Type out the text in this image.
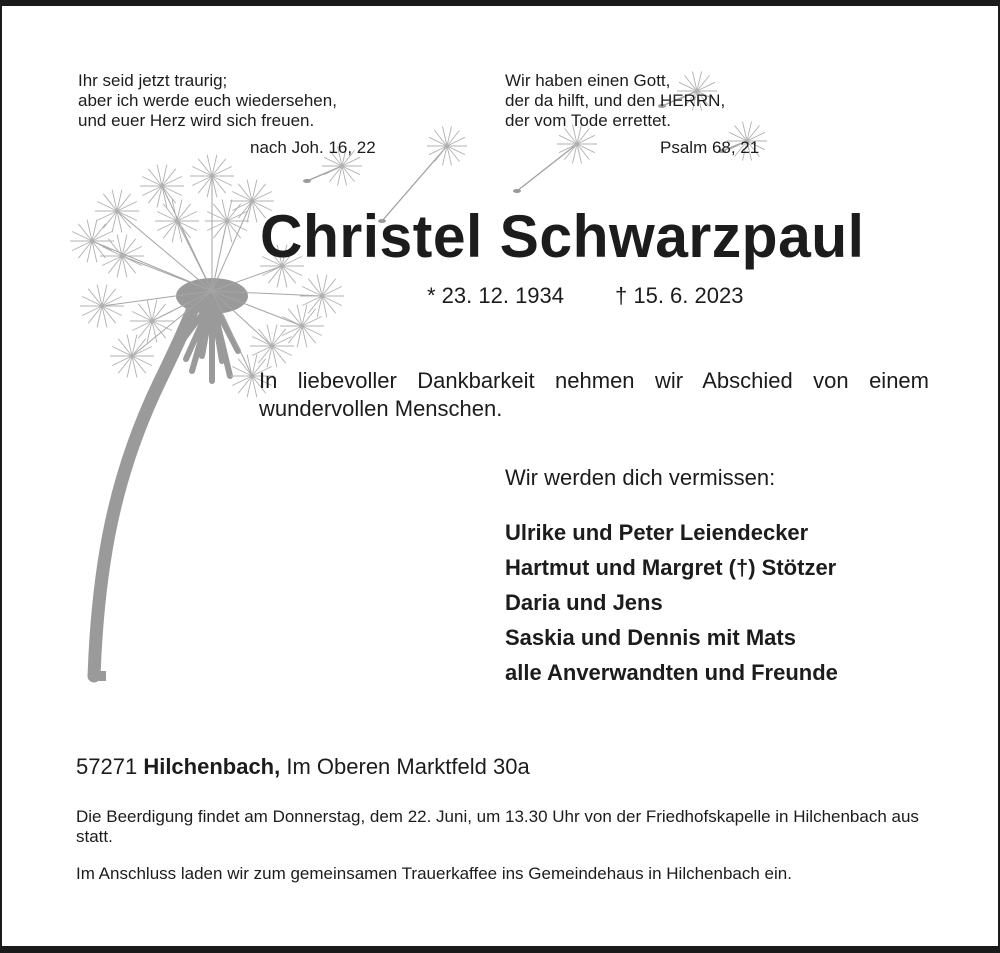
Ihr seid jetzt traurig;
aber ich werde euch wiedersehen,
und euer Herz wird sich freuen.
nach Joh. 16, 22
Wir haben einen Gott,
der da hilft, und den HERRN,
der vom Tode errettet.
Psalm 68, 21
Christel Schwarzpaul
* 23. 12. 1934 † 15. 6. 2023
In liebevoller Dankbarkeit nehmen wir Abschied von einem wundervollen Menschen.
Wir werden dich vermissen:
Ulrike und Peter Leiendecker
Hartmut und Margret (†) Stötzer
Daria und Jens
Saskia und Dennis mit Mats
alle Anverwandten und Freunde
57271 Hilchenbach, Im Oberen Marktfeld 30a
Die Beerdigung findet am Donnerstag, dem 22. Juni, um 13.30 Uhr von der Friedhofskapelle in Hilchenbach aus statt.
Im Anschluss laden wir zum gemeinsamen Trauerkaffee ins Gemeindehaus in Hilchenbach ein.
